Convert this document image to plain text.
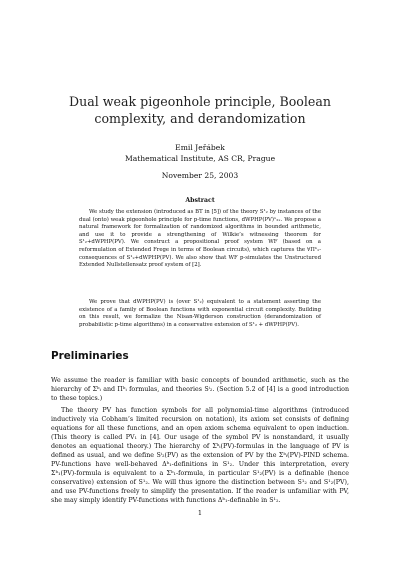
Dual weak pigeonhole principle, Boolean complexity, and derandomization
Emil Jeřábek
Mathematical Institute, AS CR, Prague
November 25, 2003
Abstract

We study the extension (introduced as BT in [5]) of the theory S¹₂ by instances of the dual (onto) weak pigeonhole principle for p-time functions, dWPHP(PV)ˣ₂ₓ. We propose a natural framework for formalization of randomized algorithms in bounded arithmetic, and use it to provide a strengthening of Wilkie’s witnessing theorem for S¹₂+dWPHP(PV). We construct a propositional proof system WF (based on a reformulation of Extended Frege in terms of Boolean circuits), which captures the ∀Πᵇ₁-consequences of S¹₂+dWPHP(PV). We also show that WF p-simulates the Unstructured Extended Nullstellensatz proof system of [2].

We prove that dWPHP(PV) is (over S¹₂) equivalent to a statement asserting the existence of a family of Boolean functions with exponential circuit complexity. Building on this result, we formalize the Nisan-Wigderson construction (derandomization of probabilistic p-time algorithms) in a conservative extension of S¹₂ + dWPHP(PV).

Preliminaries

We assume the reader is familiar with basic concepts of bounded arithmetic, such as the hierarchy of Σᵇᵢ and Πᵇᵢ formulas, and theories Sⁱ₂. (Section 5.2 of [4] is a good introduction to these topics.)

The theory PV has function symbols for all polynomial-time algorithms (introduced inductively via Cobham’s limited recursion on notation), its axiom set consists of defining equations for all these functions, and an open axiom schema equivalent to open induction. (This theory is called PV₁ in [4]. Our usage of the symbol PV is nonstandard, it usually denotes an equational theory.) The hierarchy of Σᵇᵢ(PV)-formulas in the language of PV is defined as usual, and we define Sⁱ₂(PV) as the extension of PV by the Σᵇᵢ(PV)-PIND schema. PV-functions have well-behaved Δᵇ₁-definitions in S¹₂. Under this interpretation, every Σᵇ₁(PV)-formula is equivalent to a Σᵇ₁-formula, in particular S¹₂(PV) is a definable (hence conservative) extension of S¹₂. We will thus ignore the distinction between S¹₂ and S¹₂(PV), and use PV-functions freely to simplify the presentation. If the reader is unfamiliar with PV, she may simply identify PV-functions with functions Δᵇ₁-definable in S¹₂.

1
